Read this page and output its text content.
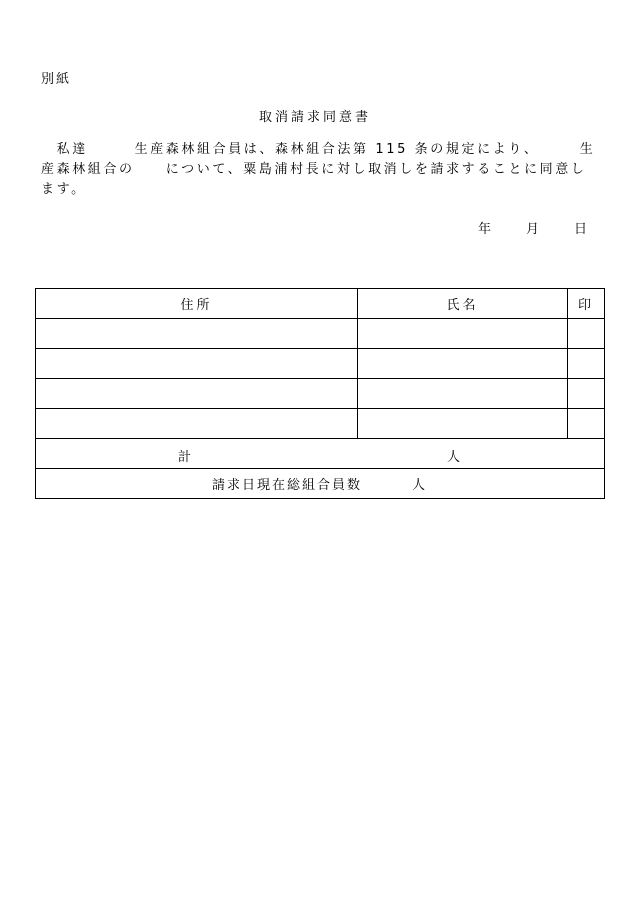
別紙
取消請求同意書
　私達　　　生産森林組合員は、森林組合法第 115 条の規定により、　　　生
産森林組合の　　について、粟島浦村長に対し取消しを請求することに同意し
ます。
年	月	日
住所	氏名	印

計 人		

請求日現在総組合員数 人		
